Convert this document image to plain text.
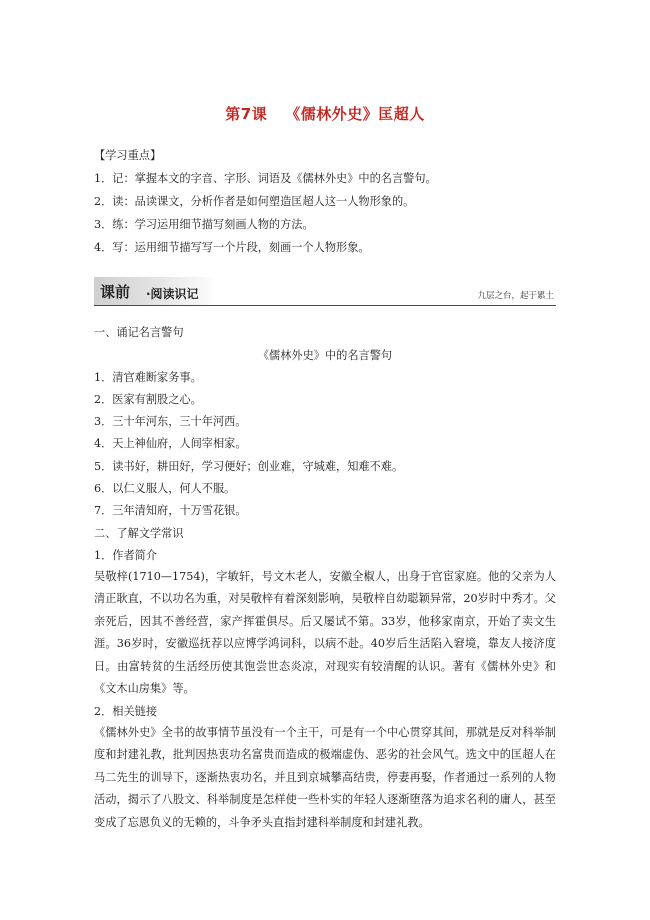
第7课 《儒林外史》匡超人
【学习重点】
1．记：掌握本文的字音、字形、词语及《儒林外史》中的名言警句。
2．读：品读课文，分析作者是如何塑造匡超人这一人物形象的。
3．练：学习运用细节描写刻画人物的方法。
4．写：运用细节描写写一个片段，刻画一个人物形象。
课前 ·阅读识记	九层之台，起于累土
一、诵记名言警句
《儒林外史》中的名言警句
1．清官难断家务事。
2．医家有割股之心。
3．三十年河东，三十年河西。
4．天上神仙府，人间宰相家。
5．读书好，耕田好，学习便好；创业难，守城难，知难不难。
6．以仁义服人，何人不服。
7．三年清知府，十万雪花银。
二、了解文学常识
1．作者简介
吴敬梓(1710—1754)，字敏轩，号文木老人，安徽全椒人，出身于官宦家庭。他的父亲为人清正耿直，不以功名为重，对吴敬梓有着深刻影响，吴敬梓自幼聪颖异常，20岁时中秀才。父亲死后，因其不善经营，家产挥霍俱尽。后又屡试不第。33岁，他移家南京，开始了卖文生涯。36岁时，安徽巡抚荐以应博学鸿词科，以病不赴。40岁后生活陷入窘境，靠友人接济度日。由富转贫的生活经历使其饱尝世态炎凉，对现实有较清醒的认识。著有《儒林外史》和《文木山房集》等。
2．相关链接
《儒林外史》全书的故事情节虽没有一个主干，可是有一个中心贯穿其间，那就是反对科举制度和封建礼教，批判因热衷功名富贵而造成的极端虚伪、恶劣的社会风气。选文中的匡超人在马二先生的训导下，逐渐热衷功名，并且到京城攀高结贵，停妻再娶，作者通过一系列的人物活动，揭示了八股文、科举制度是怎样使一些朴实的年轻人逐渐堕落为追求名利的庸人，甚至变成了忘恩负义的无赖的，斗争矛头直指封建科举制度和封建礼教。
